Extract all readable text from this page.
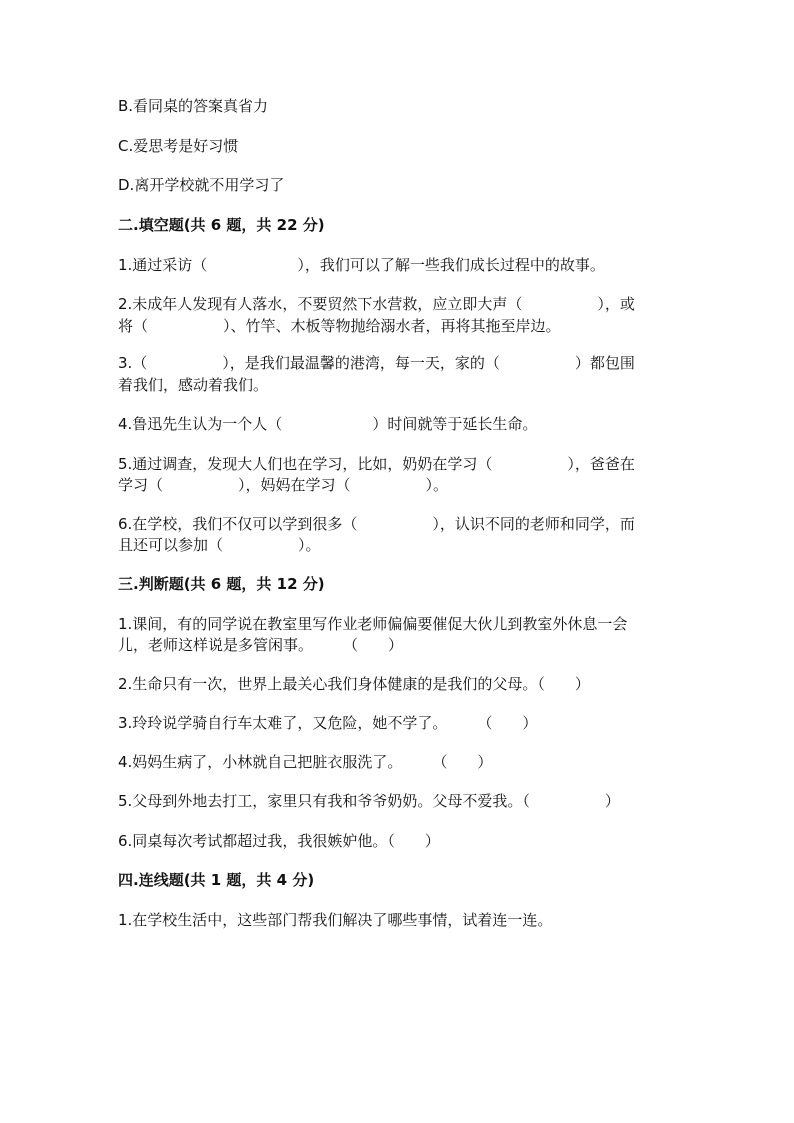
B.看同桌的答案真省力
C.爱思考是好习惯
D.离开学校就不用学习了
二.填空题(共 6 题，共 22 分)
1.通过采访（　　　　　　），我们可以了解一些我们成长过程中的故事。
2.未成年人发现有人落水，不要贸然下水营救，应立即大声（　　　　　），或
将（　　　　　）、竹竿、木板等物抛给溺水者，再将其拖至岸边。
3.（　　　　　），是我们最温馨的港湾，每一天，家的（　　　　　）都包围
着我们，感动着我们。
4.鲁迅先生认为一个人（　　　　　　）时间就等于延长生命。
5.通过调查，发现大人们也在学习，比如，奶奶在学习（　　　　　），爸爸在
学习（　　　　　），妈妈在学习（　　　　　）。
6.在学校，我们不仅可以学到很多（　　　　　），认识不同的老师和同学，而
且还可以参加（　　　　　）。
三.判断题(共 6 题，共 12 分)
1.课间，有的同学说在教室里写作业老师偏偏要催促大伙儿到教室外休息一会
儿，老师这样说是多管闲事。　　　（　　）
2.生命只有一次，世界上最关心我们身体健康的是我们的父母。（　　）
3.玲玲说学骑自行车太难了，又危险，她不学了。　　　（　　）
4.妈妈生病了，小林就自己把脏衣服洗了。　　　（　　）
5.父母到外地去打工，家里只有我和爷爷奶奶。父母不爱我。（　　　　　）
6.同桌每次考试都超过我，我很嫉妒他。（　　）
四.连线题(共 1 题，共 4 分)
1.在学校生活中，这些部门帮我们解决了哪些事情，试着连一连。
